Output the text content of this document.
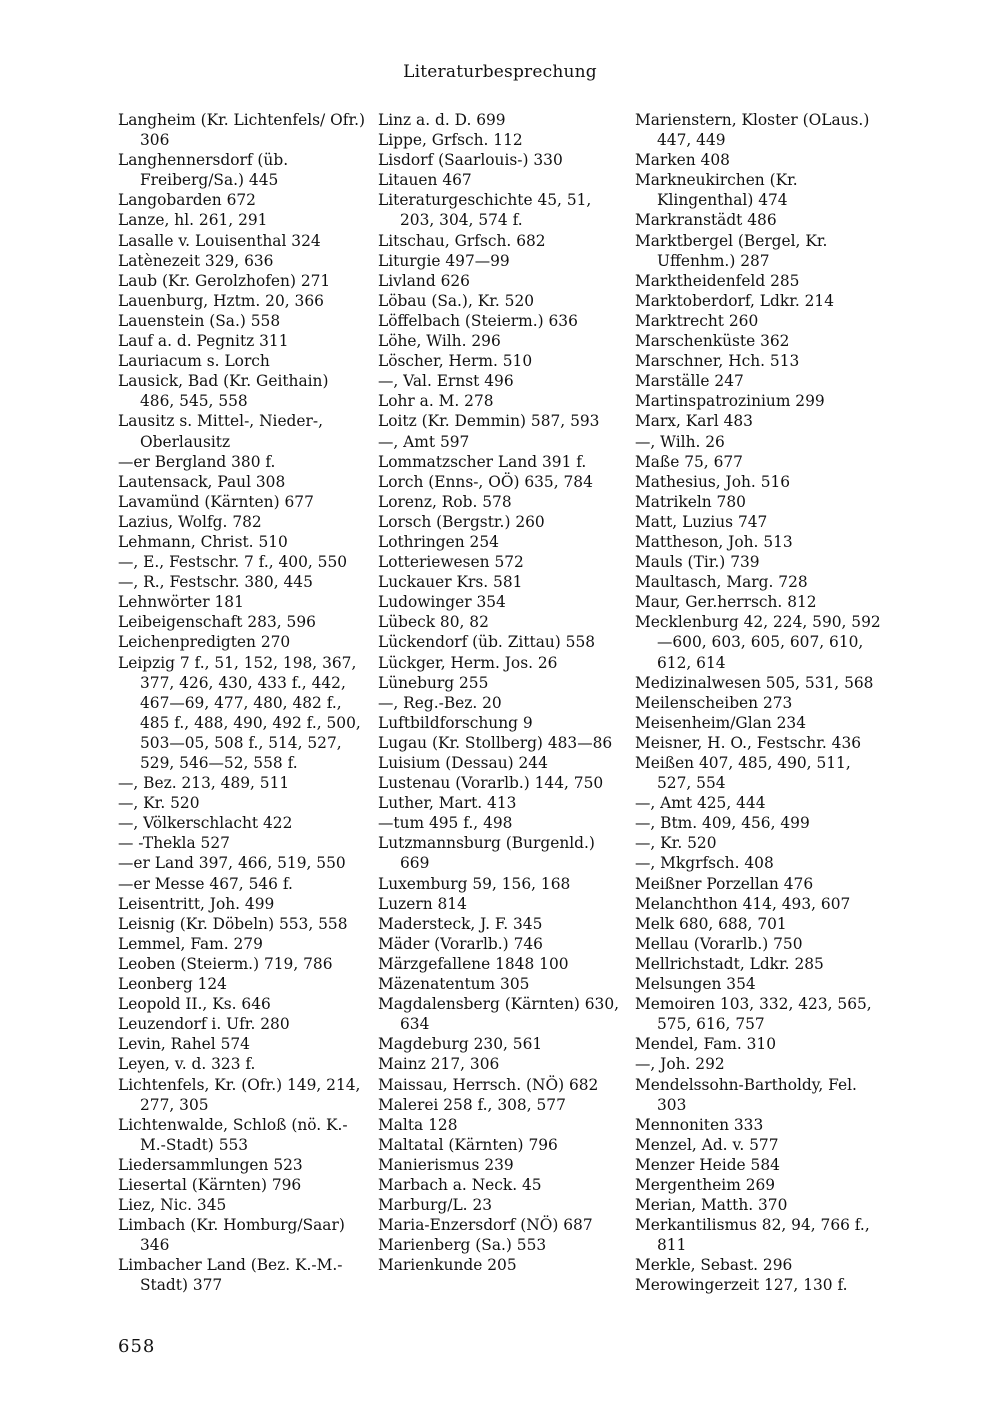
Literaturbesprechung
Langheim (Kr. Lichtenfels/ Ofr.) 306
Langhennersdorf (üb. Freiberg/Sa.) 445
Langobarden 672
Lanze, hl. 261, 291
Lasalle v. Louisenthal 324
Latènezeit 329, 636
Laub (Kr. Gerolzhofen) 271
Lauenburg, Hztm. 20, 366
Lauenstein (Sa.) 558
Lauf a. d. Pegnitz 311
Lauriacum s. Lorch
Lausick, Bad (Kr. Geithain) 486, 545, 558
Lausitz s. Mittel-, Nieder-, Oberlausitz
—er Bergland 380 f.
Lautensack, Paul 308
Lavamünd (Kärnten) 677
Lazius, Wolfg. 782
Lehmann, Christ. 510
—, E., Festschr. 7 f., 400, 550
—, R., Festschr. 380, 445
Lehnwörter 181
Leibeigenschaft 283, 596
Leichenpredigten 270
Leipzig 7 f., 51, 152, 198, 367, 377, 426, 430, 433 f., 442, 467—69, 477, 480, 482 f., 485 f., 488, 490, 492 f., 500, 503—05, 508 f., 514, 527, 529, 546—52, 558 f.
—, Bez. 213, 489, 511
—, Kr. 520
—, Völkerschlacht 422
— -Thekla 527
—er Land 397, 466, 519, 550
—er Messe 467, 546 f.
Leisentritt, Joh. 499
Leisnig (Kr. Döbeln) 553, 558
Lemmel, Fam. 279
Leoben (Steierm.) 719, 786
Leonberg 124
Leopold II., Ks. 646
Leuzendorf i. Ufr. 280
Levin, Rahel 574
Leyen, v. d. 323 f.
Lichtenfels, Kr. (Ofr.) 149, 214, 277, 305
Lichtenwalde, Schloß (nö. K.-M.-Stadt) 553
Liedersammlungen 523
Liesertal (Kärnten) 796
Liez, Nic. 345
Limbach (Kr. Homburg/Saar) 346
Limbacher Land (Bez. K.-M.-Stadt) 377
Linz a. d. D. 699
Lippe, Grfsch. 112
Lisdorf (Saarlouis-) 330
Litauen 467
Literaturgeschichte 45, 51, 203, 304, 574 f.
Litschau, Grfsch. 682
Liturgie 497—99
Livland 626
Löbau (Sa.), Kr. 520
Löffelbach (Steierm.) 636
Löhe, Wilh. 296
Löscher, Herm. 510
—, Val. Ernst 496
Lohr a. M. 278
Loitz (Kr. Demmin) 587, 593
—, Amt 597
Lommatzscher Land 391 f.
Lorch (Enns-, OÖ) 635, 784
Lorenz, Rob. 578
Lorsch (Bergstr.) 260
Lothringen 254
Lotteriewesen 572
Luckauer Krs. 581
Ludowinger 354
Lübeck 80, 82
Lückendorf (üb. Zittau) 558
Lückger, Herm. Jos. 26
Lüneburg 255
—, Reg.-Bez. 20
Luftbildforschung 9
Lugau (Kr. Stollberg) 483—86
Luisium (Dessau) 244
Lustenau (Vorarlb.) 144, 750
Luther, Mart. 413
—tum 495 f., 498
Lutzmannsburg (Burgenld.) 669
Luxemburg 59, 156, 168
Luzern 814
Madersteck, J. F. 345
Mäder (Vorarlb.) 746
Märzgefallene 1848 100
Mäzenatentum 305
Magdalensberg (Kärnten) 630, 634
Magdeburg 230, 561
Mainz 217, 306
Maissau, Herrsch. (NÖ) 682
Malerei 258 f., 308, 577
Malta 128
Maltatal (Kärnten) 796
Manierismus 239
Marbach a. Neck. 45
Marburg/L. 23
Maria-Enzersdorf (NÖ) 687
Marienberg (Sa.) 553
Marienkunde 205
Marienstern, Kloster (OLaus.) 447, 449
Marken 408
Markneukirchen (Kr. Klingenthal) 474
Markranstädt 486
Marktbergel (Bergel, Kr. Uffenhm.) 287
Marktheidenfeld 285
Marktoberdorf, Ldkr. 214
Marktrecht 260
Marschenküste 362
Marschner, Hch. 513
Marställe 247
Martinspatrozinium 299
Marx, Karl 483
—, Wilh. 26
Maße 75, 677
Mathesius, Joh. 516
Matrikeln 780
Matt, Luzius 747
Mattheson, Joh. 513
Mauls (Tir.) 739
Maultasch, Marg. 728
Maur, Ger.herrsch. 812
Mecklenburg 42, 224, 590, 592—600, 603, 605, 607, 610, 612, 614
Medizinalwesen 505, 531, 568
Meilenscheiben 273
Meisenheim/Glan 234
Meisner, H. O., Festschr. 436
Meißen 407, 485, 490, 511, 527, 554
—, Amt 425, 444
—, Btm. 409, 456, 499
—, Kr. 520
—, Mkgrfsch. 408
Meißner Porzellan 476
Melanchthon 414, 493, 607
Melk 680, 688, 701
Mellau (Vorarlb.) 750
Mellrichstadt, Ldkr. 285
Melsungen 354
Memoiren 103, 332, 423, 565, 575, 616, 757
Mendel, Fam. 310
—, Joh. 292
Mendelssohn-Bartholdy, Fel. 303
Mennoniten 333
Menzel, Ad. v. 577
Menzer Heide 584
Mergentheim 269
Merian, Matth. 370
Merkantilismus 82, 94, 766 f., 811
Merkle, Sebast. 296
Merowingerzeit 127, 130 f.
658
